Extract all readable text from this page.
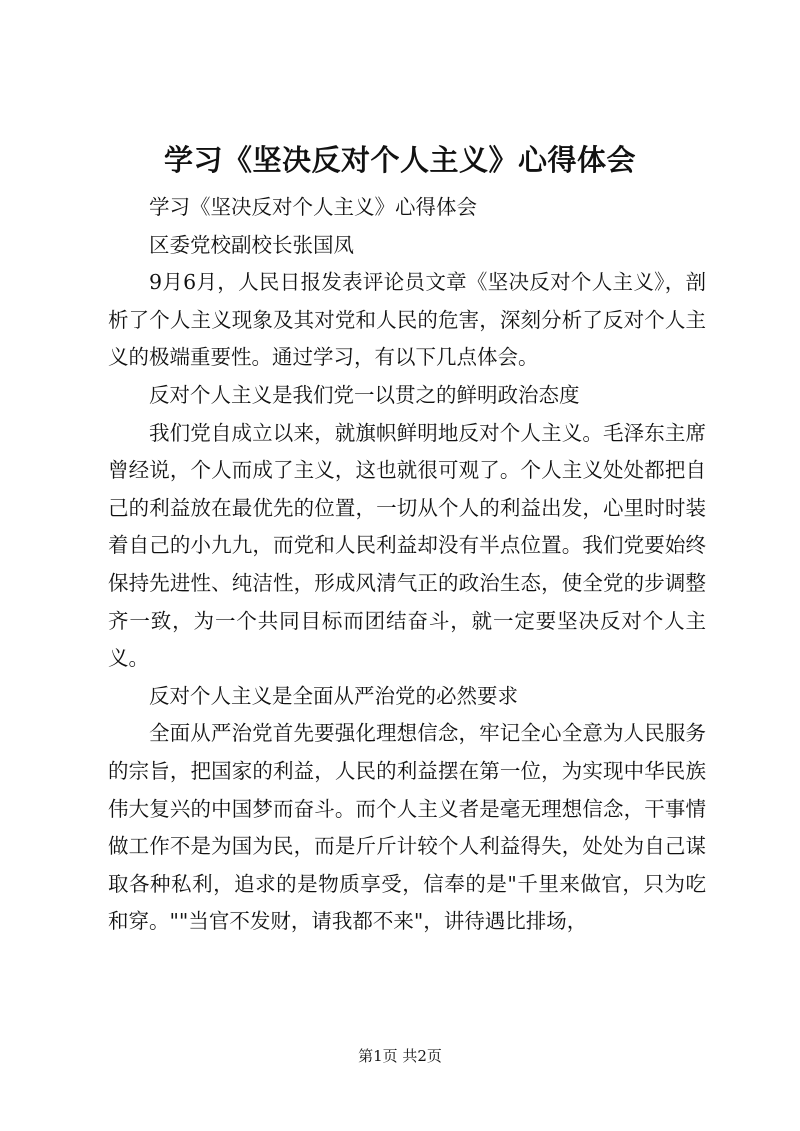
学习《坚决反对个人主义》心得体会

学习《坚决反对个人主义》心得体会

区委党校副校长张国凤

9月6月，人民日报发表评论员文章《坚决反对个人主义》，剖析了个人主义现象及其对党和人民的危害，深刻分析了反对个人主义的极端重要性。通过学习，有以下几点体会。

反对个人主义是我们党一以贯之的鲜明政治态度

我们党自成立以来，就旗帜鲜明地反对个人主义。毛泽东主席曾经说，个人而成了主义，这也就很可观了。个人主义处处都把自己的利益放在最优先的位置，一切从个人的利益出发，心里时时装着自己的小九九，而党和人民利益却没有半点位置。我们党要始终保持先进性、纯洁性，形成风清气正的政治生态，使全党的步调整齐一致，为一个共同目标而团结奋斗，就一定要坚决反对个人主义。

反对个人主义是全面从严治党的必然要求

全面从严治党首先要强化理想信念，牢记全心全意为人民服务的宗旨，把国家的利益，人民的利益摆在第一位，为实现中华民族伟大复兴的中国梦而奋斗。而个人主义者是毫无理想信念，干事情做工作不是为国为民，而是斤斤计较个人利益得失，处处为自己谋取各种私利，追求的是物质享受，信奉的是"千里来做官，只为吃和穿。""当官不发财，请我都不来"，讲待遇比排场，

第1页 共2页
